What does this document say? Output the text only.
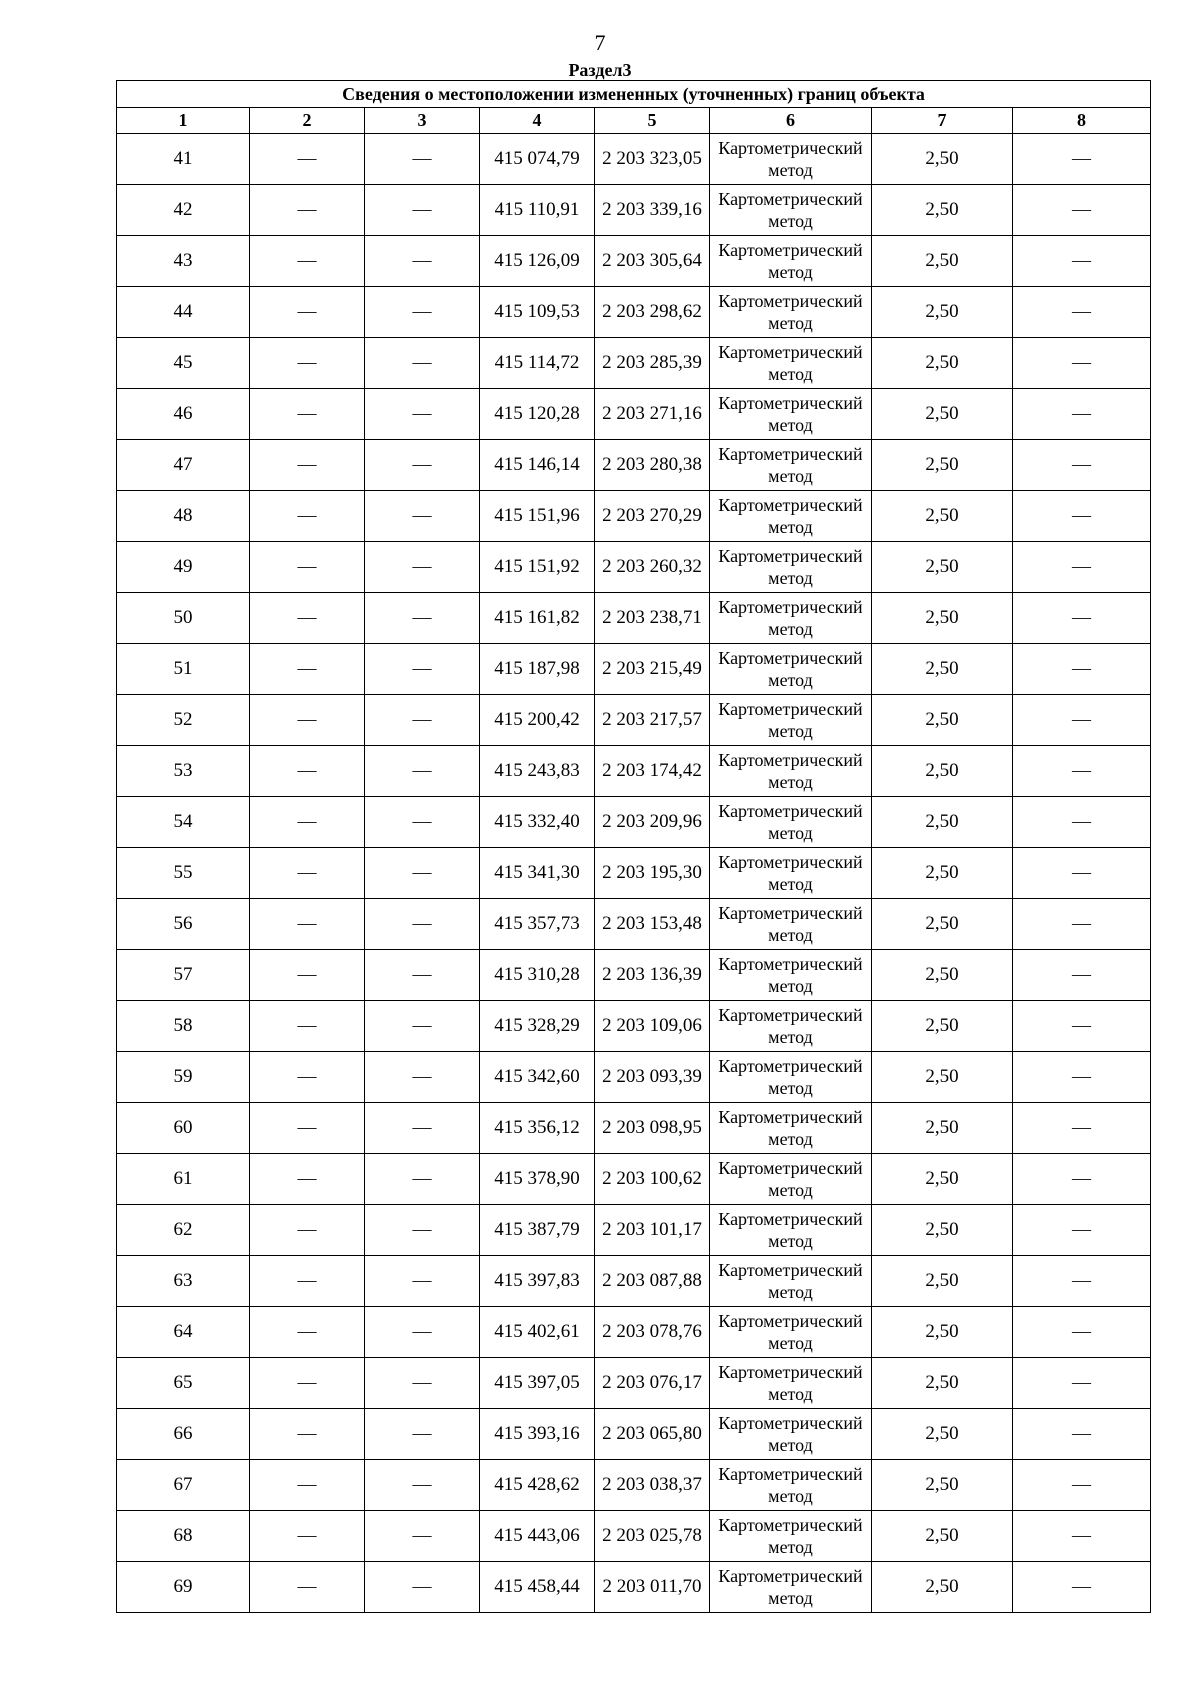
7
Раздел3
Сведения о местоположении измененных (уточненных) границ объекта							
1	2	3	4	5	6	7	8
41	—	—	415 074,79	2 203 323,05	Картометрический метод	2,50	—
42	—	—	415 110,91	2 203 339,16	Картометрический метод	2,50	—
43	—	—	415 126,09	2 203 305,64	Картометрический метод	2,50	—
44	—	—	415 109,53	2 203 298,62	Картометрический метод	2,50	—
45	—	—	415 114,72	2 203 285,39	Картометрический метод	2,50	—
46	—	—	415 120,28	2 203 271,16	Картометрический метод	2,50	—
47	—	—	415 146,14	2 203 280,38	Картометрический метод	2,50	—
48	—	—	415 151,96	2 203 270,29	Картометрический метод	2,50	—
49	—	—	415 151,92	2 203 260,32	Картометрический метод	2,50	—
50	—	—	415 161,82	2 203 238,71	Картометрический метод	2,50	—
51	—	—	415 187,98	2 203 215,49	Картометрический метод	2,50	—
52	—	—	415 200,42	2 203 217,57	Картометрический метод	2,50	—
53	—	—	415 243,83	2 203 174,42	Картометрический метод	2,50	—
54	—	—	415 332,40	2 203 209,96	Картометрический метод	2,50	—
55	—	—	415 341,30	2 203 195,30	Картометрический метод	2,50	—
56	—	—	415 357,73	2 203 153,48	Картометрический метод	2,50	—
57	—	—	415 310,28	2 203 136,39	Картометрический метод	2,50	—
58	—	—	415 328,29	2 203 109,06	Картометрический метод	2,50	—
59	—	—	415 342,60	2 203 093,39	Картометрический метод	2,50	—
60	—	—	415 356,12	2 203 098,95	Картометрический метод	2,50	—
61	—	—	415 378,90	2 203 100,62	Картометрический метод	2,50	—
62	—	—	415 387,79	2 203 101,17	Картометрический метод	2,50	—
63	—	—	415 397,83	2 203 087,88	Картометрический метод	2,50	—
64	—	—	415 402,61	2 203 078,76	Картометрический метод	2,50	—
65	—	—	415 397,05	2 203 076,17	Картометрический метод	2,50	—
66	—	—	415 393,16	2 203 065,80	Картометрический метод	2,50	—
67	—	—	415 428,62	2 203 038,37	Картометрический метод	2,50	—
68	—	—	415 443,06	2 203 025,78	Картометрический метод	2,50	—
69	—	—	415 458,44	2 203 011,70	Картометрический метод	2,50	—
